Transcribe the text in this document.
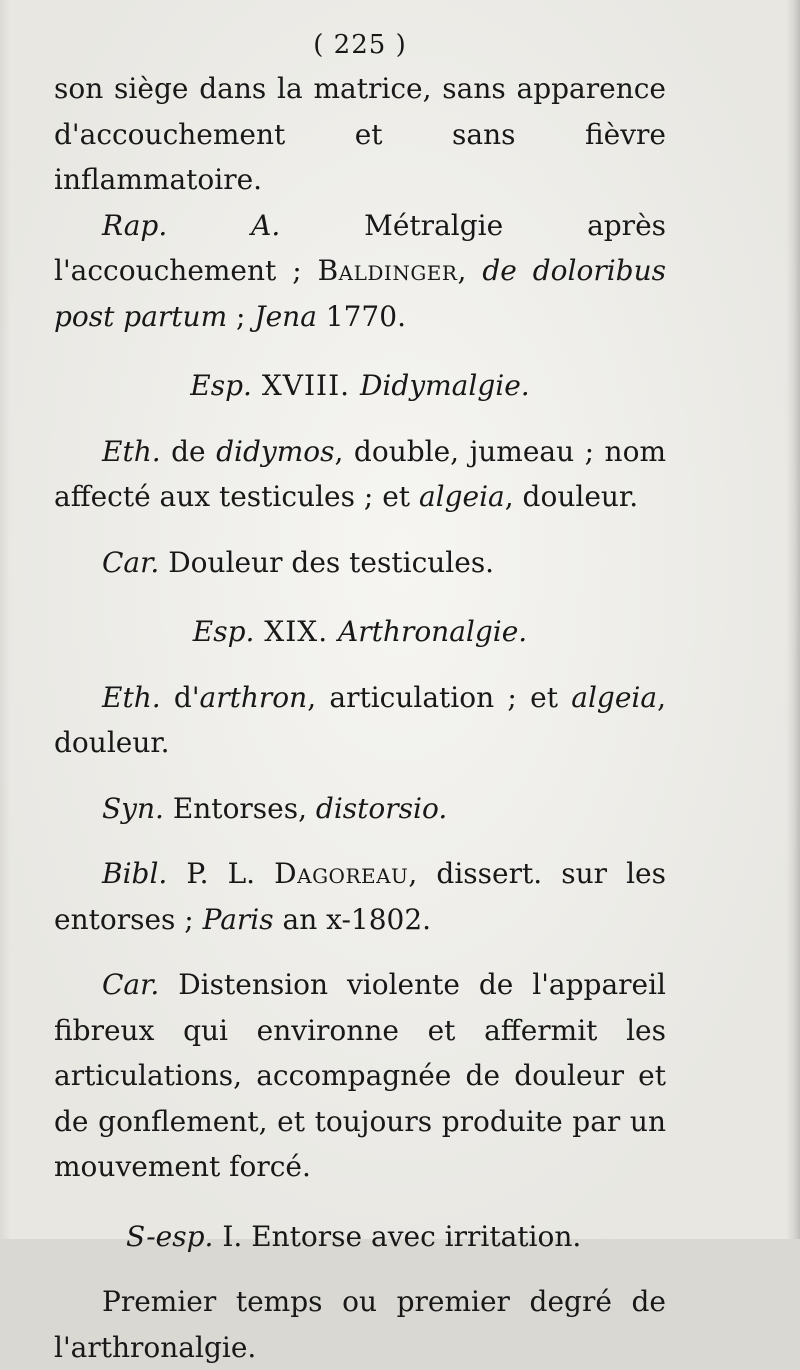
( 225 )

son siège dans la matrice, sans apparence d'accouchement et sans fièvre inflammatoire.

Rap. A. Métralgie après l'accouchement ; Baldinger, de doloribus post partum ; Jena 1770.

Esp. XVIII. Didymalgie.

Eth. de didymos, double, jumeau ; nom affecté aux testicules ; et algeia, douleur.

Car. Douleur des testicules.

Esp. XIX. Arthronalgie.

Eth. d'arthron, articulation ; et algeia, douleur.

Syn. Entorses, distorsio.

Bibl. P. L. Dagoreau, dissert. sur les entorses ; Paris an x-1802.

Car. Distension violente de l'appareil fibreux qui environne et affermit les articulations, accompagnée de douleur et de gonflement, et toujours produite par un mouvement forcé.

S-esp. I. Entorse avec irritation.

Premier temps ou premier degré de l'arthronalgie.
